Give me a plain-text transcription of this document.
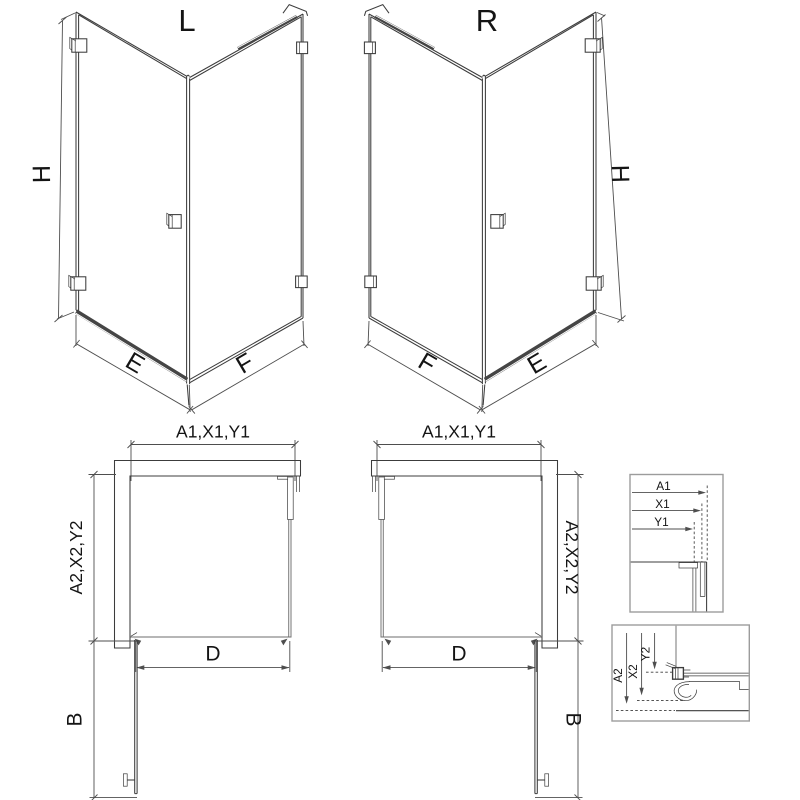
L
H
E	F
R
H
E
F
A1,X1,Y1
A2,X2,Y2
D
B
A1,X1,Y1
A2,X2,Y2
D
B
A1
X1
Y1
A2 X2
Y2
